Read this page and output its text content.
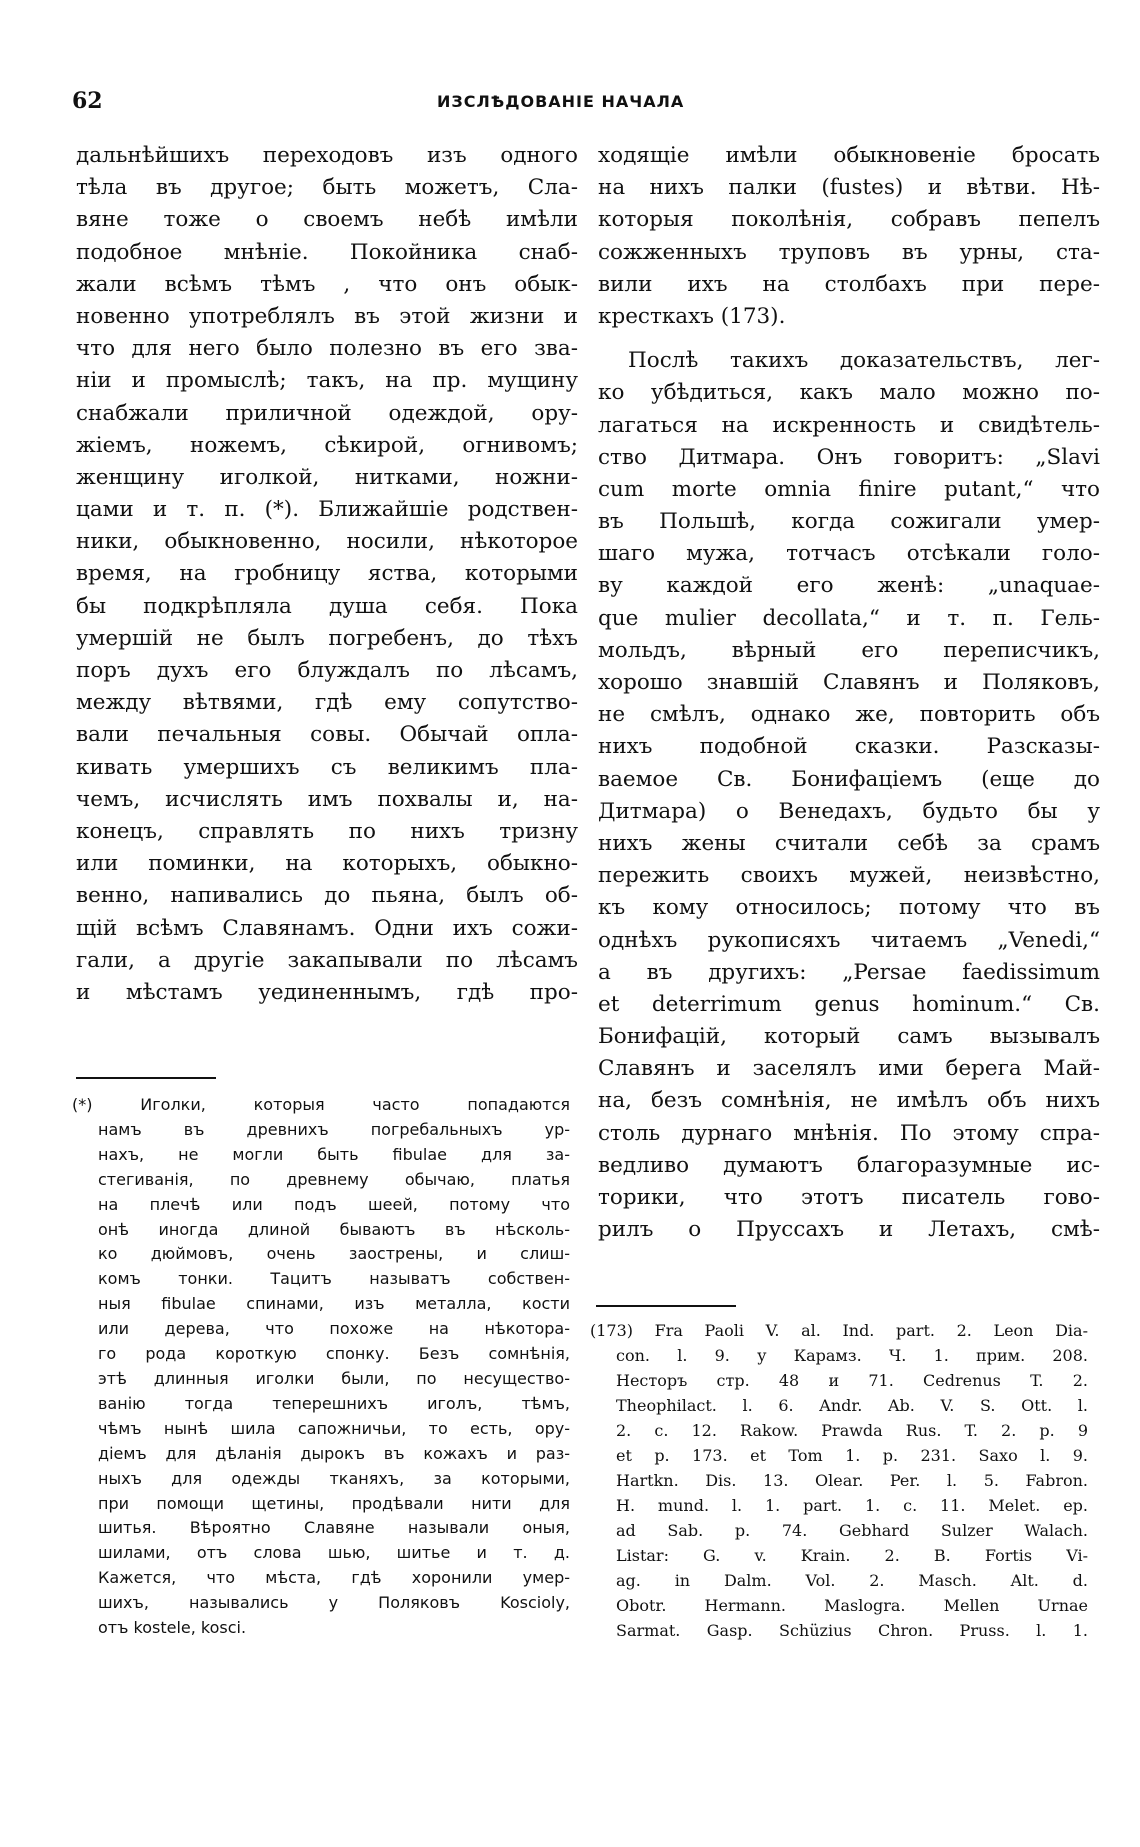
62	ИЗСЛѢДОВАНІЕ НАЧАЛА
дальнѣйшихъ переходовъ изъ одного
тѣла въ другое; быть можетъ, Сла-
вяне тоже о своемъ небѣ имѣли
подобное мнѣніе. Покойника снаб-
жали всѣмъ тѣмъ , что онъ обык-
новенно употреблялъ въ этой жизни и
что для него было полезно въ его зва-
ніи и промыслѣ; такъ, на пр. мущину
снабжали приличной одеждой, ору-
жіемъ, ножемъ, сѣкирой, огнивомъ;
женщину иголкой, нитками, ножни-
цами и т. п. (*). Ближайшіе родствен-
ники, обыкновенно, носили, нѣкоторое
время, на гробницу яства, которыми
бы подкрѣпляла душа себя. Пока
умершій не былъ погребенъ, до тѣхъ
поръ духъ его блуждалъ по лѣсамъ,
между вѣтвями, гдѣ ему сопутство-
вали печальныя совы. Обычай опла-
кивать умершихъ съ великимъ пла-
чемъ, исчислять имъ похвалы и, на-
конецъ, справлять по нихъ тризну
или поминки, на которыхъ, обыкно-
венно, напивались до пьяна, былъ об-
щій всѣмъ Славянамъ. Одни ихъ сожи-
гали, а другіе закапывали по лѣсамъ
и мѣстамъ уединеннымъ, гдѣ про-
(*) Иголки, которыя часто попадаются
намъ въ древнихъ погребальныхъ ур-
нахъ, не могли быть fibulae для за-
стегиванія, по древнему обычаю, платья
на плечѣ или подъ шеей, потому что
онѣ иногда длиной бываютъ въ нѣсколь-
ко дюймовъ, очень заострены, и слиш-
комъ тонки. Тацитъ называтъ собствен-
ныя fibulae спинами, изъ металла, кости
или дерева, что похоже на нѣкотора-
го рода короткую спонку. Безъ сомнѣнія,
этѣ длинныя иголки были, по несущество-
ванію тогда теперешнихъ иголъ, тѣмъ,
чѣмъ нынѣ шила сапожничьи, то есть, ору-
діемъ для дѣланія дырокъ въ кожахъ и раз-
ныхъ для одежды тканяхъ, за которыми,
при помощи щетины, продѣвали нити для
шитья. Вѣроятно Славяне называли оныя,
шилами, отъ слова шью, шитье и т. д.
Кажется, что мѣста, гдѣ хоронили умер-
шихъ, назывались у Поляковъ Koscioly,
отъ kostele, kosci.
ходящіе имѣли обыкновеніе бросать
на нихъ палки (fustes) и вѣтви. Нѣ-
которыя поколѣнія, собравъ пепелъ
сожженныхъ труповъ въ урны, ста-
вили ихъ на столбахъ при пере-
кресткахъ (173).
Послѣ такихъ доказательствъ, лег-
ко убѣдиться, какъ мало можно по-
лагаться на искренность и свидѣтель-
ство Дитмара. Онъ говоритъ: „Slavi
cum morte omnia finire putant,“ что
въ Польшѣ, когда сожигали умер-
шаго мужа, тотчасъ отсѣкали голо-
ву каждой его женѣ: „unaquae-
que mulier decollata,“ и т. п. Гель-
мольдъ, вѣрный его переписчикъ,
хорошо знавшій Славянъ и Поляковъ,
не смѣлъ, однако же, повторить объ
нихъ подобной сказки. Разсказы-
ваемое Св. Бонифаціемъ (еще до
Дитмара) о Венедахъ, будьто бы у
нихъ жены считали себѣ за срамъ
пережить своихъ мужей, неизвѣстно,
къ кому относилось; потому что въ
однѣхъ рукописяхъ читаемъ „Venedi,“
а въ другихъ: „Persae faedissimum
et deterrimum genus hominum.“ Св.
Бонифацій, который самъ вызывалъ
Славянъ и заселялъ ими берега Май-
на, безъ сомнѣнія, не имѣлъ объ нихъ
столь дурнаго мнѣнія. По этому спра-
ведливо думаютъ благоразумные ис-
торики, что этотъ писатель гово-
рилъ о Пруссахъ и Летахъ, смѣ-
(173) Fra Paoli V. al. Ind. part. 2. Leon Dia-
con. l. 9. у Карамз. Ч. 1. прим. 208.
Несторъ стр. 48 и 71. Cedrenus T. 2.
Theophilact. l. 6. Andr. Ab. V. S. Ott. l.
2. c. 12. Rakow. Prawda Rus. T. 2. p. 9
et p. 173. et Tom 1. p. 231. Saxo l. 9.
Hartkn. Dis. 13. Olear. Per. l. 5. Fabron.
H. mund. l. 1. part. 1. c. 11. Melet. ep.
ad Sab. p. 74. Gebhard Sulzer Walach.
Listar: G. v. Krain. 2. B. Fortis Vi-
ag. in Dalm. Vol. 2. Masch. Alt. d.
Obotr. Hermann. Maslogra. Mellen Urnae
Sarmat. Gasp. Schüzius Chron. Pruss. l. 1.
